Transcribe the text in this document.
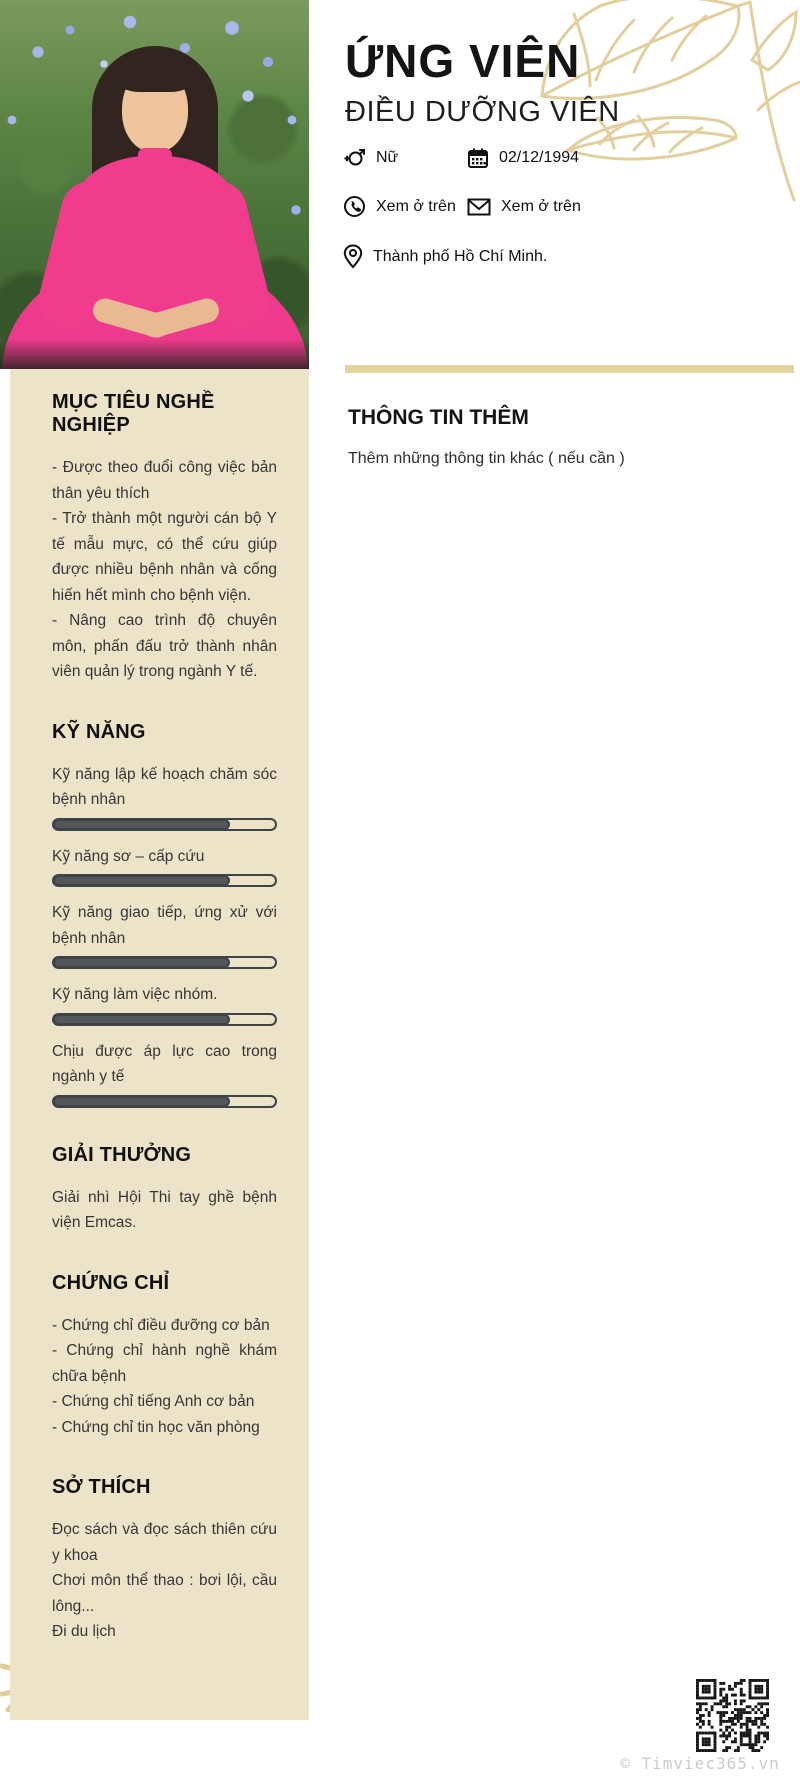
ỨNG VIÊN
ĐIỀU DƯỠNG VIÊN
Nữ	02/12/1994
Xem ở trên	Xem ở trên
Thành phố Hồ Chí Minh.
MỤC TIÊU NGHỀ NGHIỆP

- Được theo đuổi công việc bản thân yêu thích

- Trở thành một người cán bộ Y tế mẫu mực, có thể cứu giúp được nhiều bệnh nhân và cống hiến hết mình cho bệnh viện.

- Nâng cao trình độ chuyên môn, phấn đấu trở thành nhân viên quản lý trong ngành Y tế.

KỸ NĂNG
Kỹ năng lập kế hoạch chăm sóc bệnh nhân
Kỹ năng sơ – cấp cứu
Kỹ năng giao tiếp, ứng xử với bệnh nhân
Kỹ năng làm việc nhóm.
Chịu được áp lực cao trong ngành y tế
GIẢI THƯỞNG

Giải nhì Hội Thi tay ghề bệnh viện Emcas.

CHỨNG CHỈ

- Chứng chỉ điều đưỡng cơ bản

- Chứng chỉ hành nghề khám chữa bệnh

- Chứng chỉ tiếng Anh cơ bản

- Chứng chỉ tin học văn phòng

SỞ THÍCH

Đọc sách và đọc sách thiên cứu y khoa

Chơi môn thể thao : bơi lội, cầu lông...

Đi du lịch

THÔNG TIN THÊM
Thêm những thông tin khác ( nếu cần )
© Timviec365.vn
